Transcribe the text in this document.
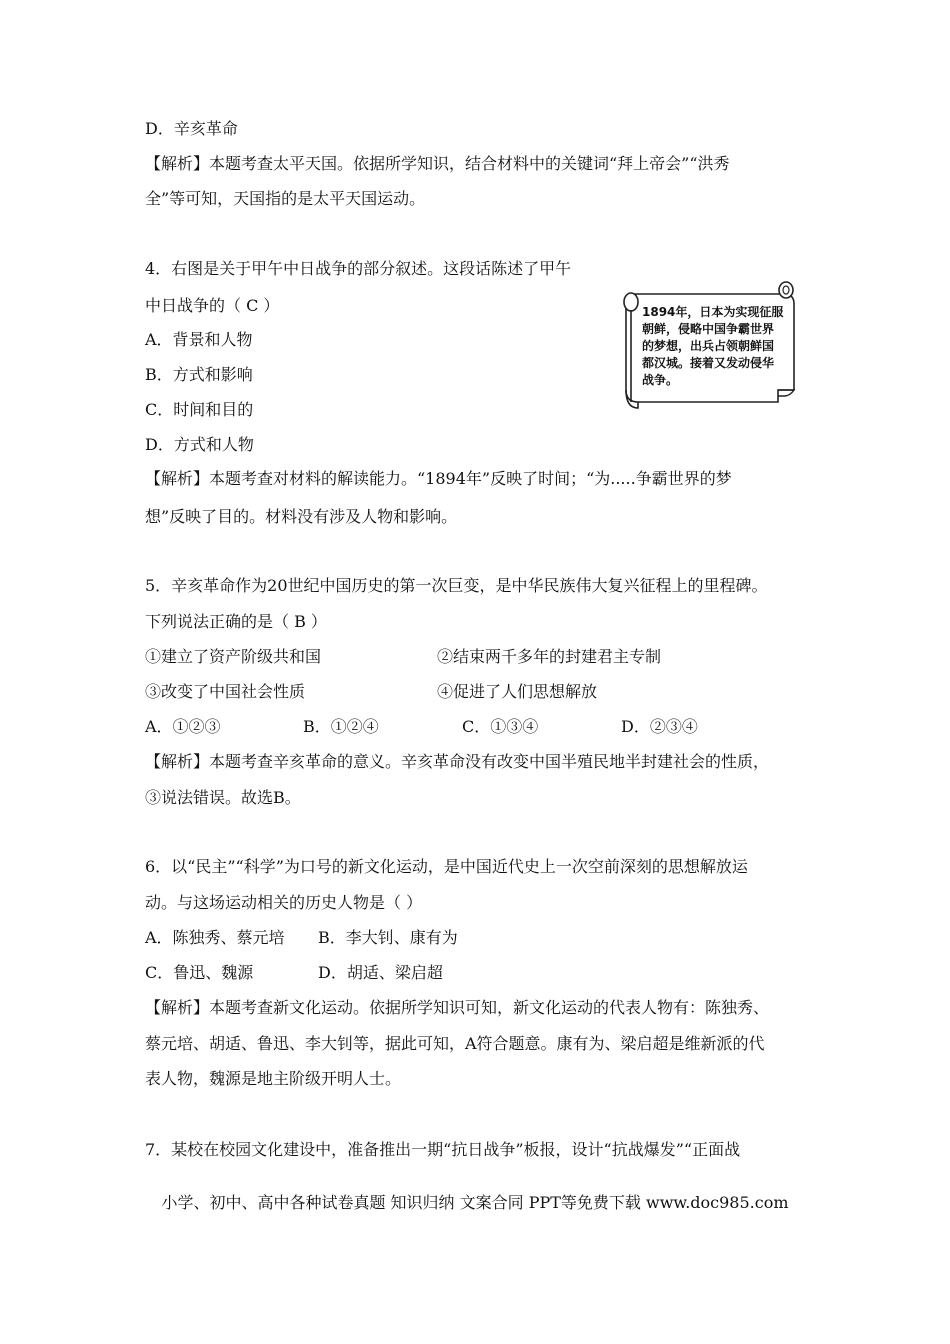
D．辛亥革命
【解析】本题考查太平天国。依据所学知识，结合材料中的关键词“拜上帝会”“洪秀
全”等可知，天国指的是太平天国运动。
4．右图是关于甲午中日战争的部分叙述。这段话陈述了甲午
中日战争的（ C ）
A．背景和人物
B．方式和影响
C．时间和目的
D．方式和人物
【解析】本题考查对材料的解读能力。“1894年”反映了时间；“为.....争霸世界的梦
想”反映了目的。材料没有涉及人物和影响。
1894年，日本为实现征服朝鲜，侵略中国争霸世界的梦想，出兵占领朝鲜国都汉城。接着又发动侵华战争。
5．辛亥革命作为20世纪中国历史的第一次巨变，是中华民族伟大复兴征程上的里程碑。
下列说法正确的是（ B ）
①建立了资产阶级共和国	②结束两千多年的封建君主专制
③改变了中国社会性质	④促进了人们思想解放
A．①②③	B．①②④	C．①③④	D．②③④
【解析】本题考查辛亥革命的意义。辛亥革命没有改变中国半殖民地半封建社会的性质，
③说法错误。故选B。
6．以“民主”“科学”为口号的新文化运动，是中国近代史上一次空前深刻的思想解放运
动。与这场运动相关的历史人物是（ ）
A．陈独秀、蔡元培 B．李大钊、康有为
C．鲁迅、魏源	D．胡适、梁启超
【解析】本题考查新文化运动。依据所学知识可知，新文化运动的代表人物有：陈独秀、
蔡元培、胡适、鲁迅、李大钊等，据此可知，A符合题意。康有为、梁启超是维新派的代
表人物，魏源是地主阶级开明人士。
7．某校在校园文化建设中，准备推出一期“抗日战争”板报，设计“抗战爆发”“正面战
小学、初中、高中各种试卷真题 知识归纳 文案合同 PPT等免费下载 www.doc985.com
